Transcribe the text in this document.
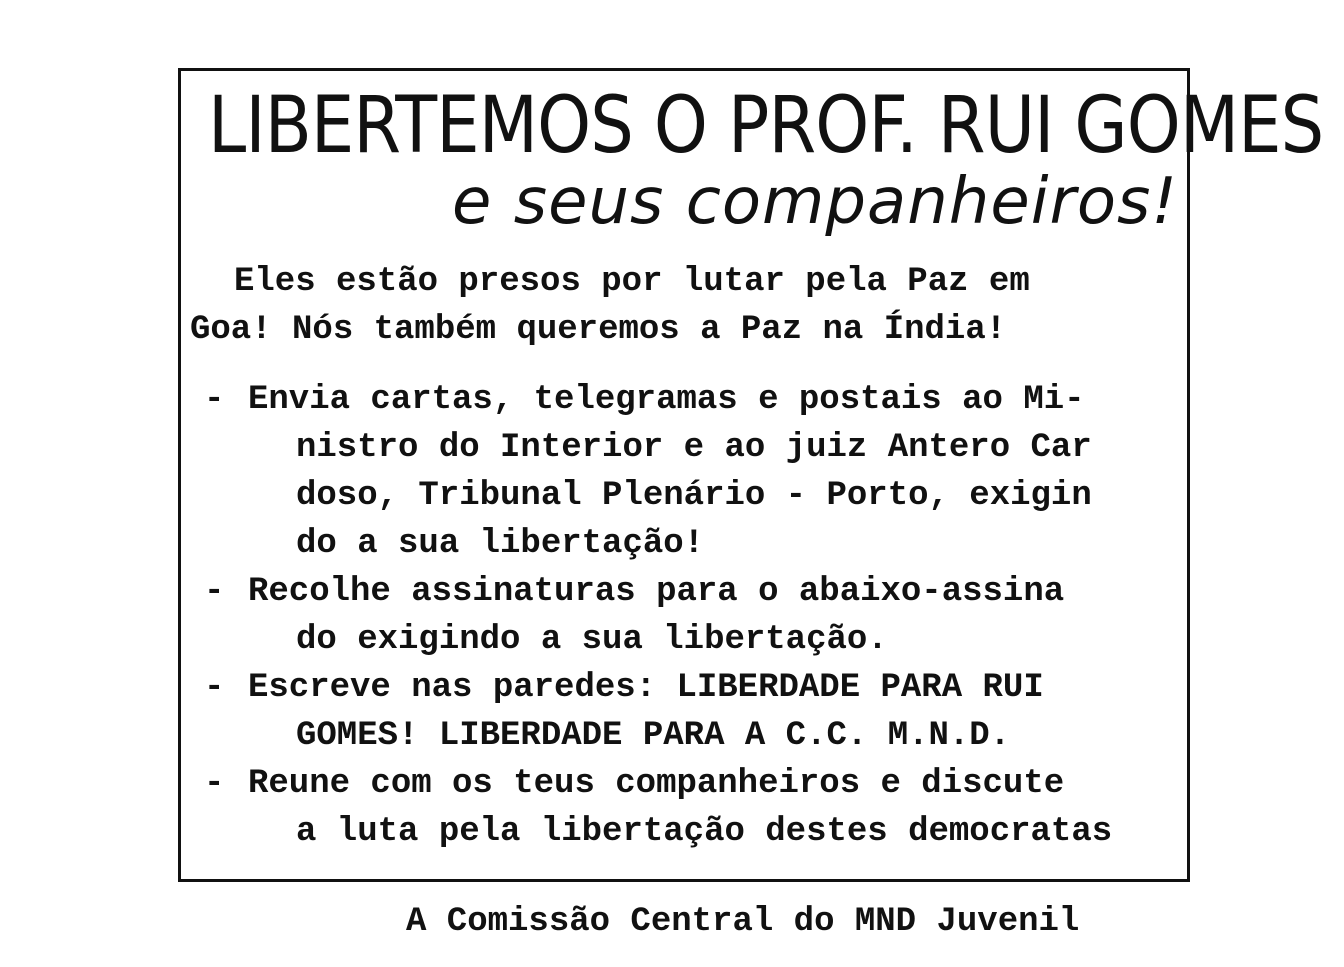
LIBERTEMOS O PROF. RUI GOMES
e seus companheiros!
Eles estão presos por lutar pela Paz em
Goa! Nós também queremos a Paz na Índia!
- Envia cartas, telegramas e postais ao Mi-
nistro do Interior e ao juiz Antero Car
doso, Tribunal Plenário - Porto, exigin
do a sua libertação!
- Recolhe assinaturas para o abaixo-assina
do exigindo a sua libertação.
- Escreve nas paredes: LIBERDADE PARA RUI
GOMES! LIBERDADE PARA A C.C. M.N.D.
- Reune com os teus companheiros e discute
a luta pela libertação destes democratas
A Comissão Central do MND Juvenil
